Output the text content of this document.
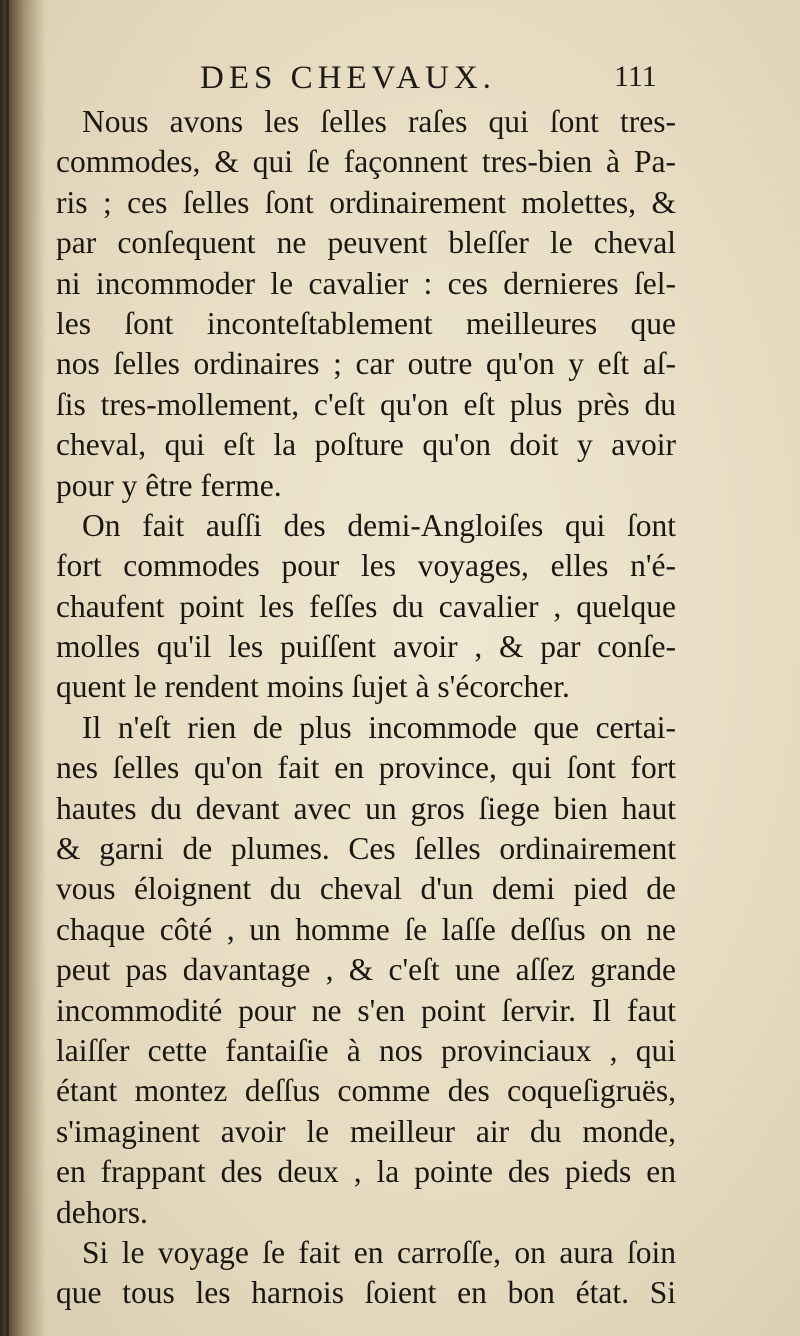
DES CHEVAUX.	111
Nous avons les ſelles raſes qui ſont tres-
commodes, & qui ſe façonnent tres-bien à Pa-
ris ; ces ſelles ſont ordinairement molettes, &
par conſequent ne peuvent bleſſer le cheval
ni incommoder le cavalier : ces dernieres ſel-
les ſont inconteſtablement meilleures que
nos ſelles ordinaires ; car outre qu'on y eſt aſ-
ſis tres-mollement, c'eſt qu'on eſt plus près du
cheval, qui eſt la poſture qu'on doit y avoir
pour y être ferme.
On fait auſſi des demi-Angloiſes qui ſont
fort commodes pour les voyages, elles n'é-
chaufent point les feſſes du cavalier , quelque
molles qu'il les puiſſent avoir , & par conſe-
quent le rendent moins ſujet à s'écorcher.
Il n'eſt rien de plus incommode que certai-
nes ſelles qu'on fait en province, qui ſont fort
hautes du devant avec un gros ſiege bien haut
& garni de plumes. Ces ſelles ordinairement
vous éloignent du cheval d'un demi pied de
chaque côté , un homme ſe laſſe deſſus on ne
peut pas davantage , & c'eſt une aſſez grande
incommodité pour ne s'en point ſervir. Il faut
laiſſer cette fantaiſie à nos provinciaux , qui
étant montez deſſus comme des coqueſigruës,
s'imaginent avoir le meilleur air du monde,
en frappant des deux , la pointe des pieds en
dehors.
Si le voyage ſe fait en carroſſe, on aura ſoin
que tous les harnois ſoient en bon état. Si
